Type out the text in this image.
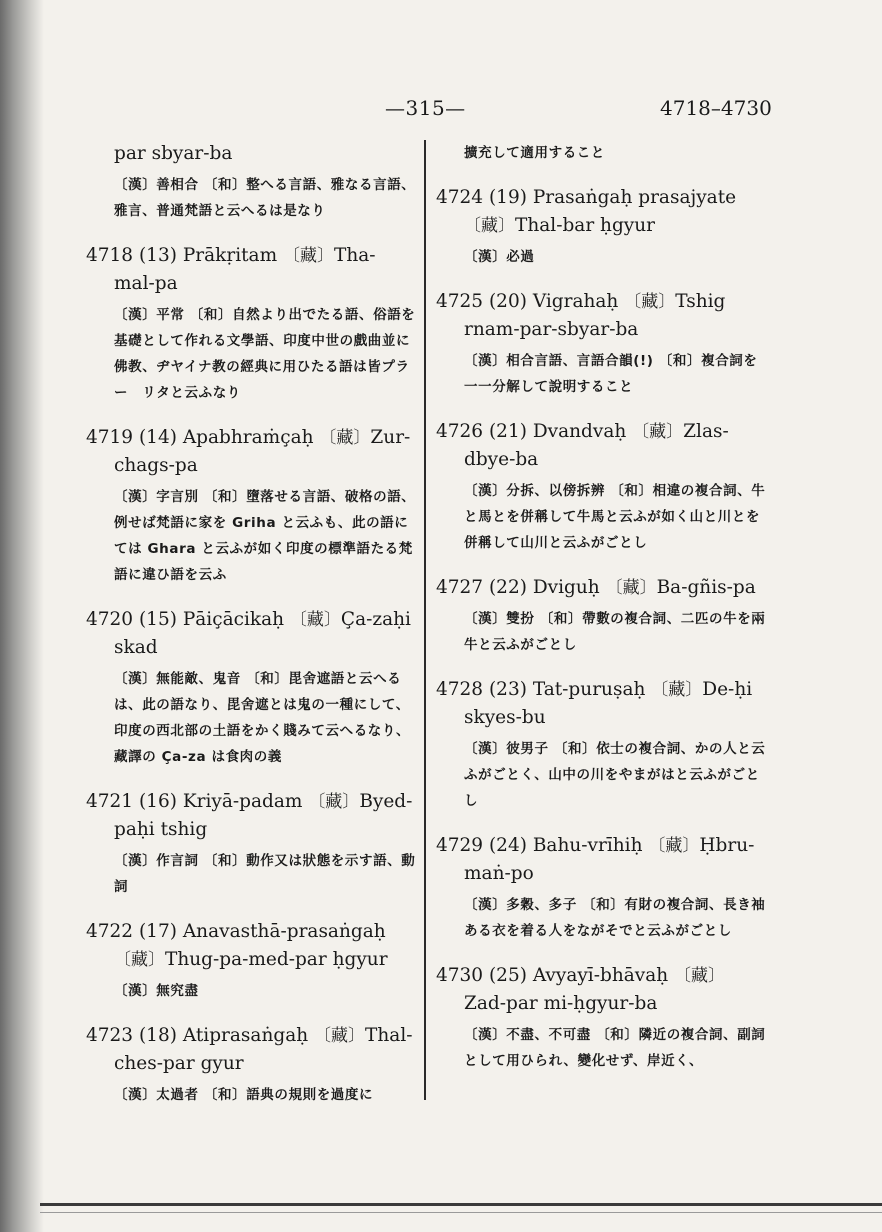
—315—	4718–4730
par sbyar-ba
〔漢〕善相合 〔和〕整へる言語、雅なる言語、雅言、普通梵語と云へるは是なり
4718 (13) Prākṛitam 〔藏〕Tha-mal-pa
〔漢〕平常 〔和〕自然より出でたる語、俗語を基礎として作れる文學語、印度中世の戲曲並に佛教、ヂヤイナ教の經典に用ひたる語は皆プラー　リタと云ふなり
4719 (14) Apabhraṁçaḥ 〔藏〕Zur-chags-pa
〔漢〕字言別 〔和〕墮落せる言語、破格の語、例せば梵語に家を Griha と云ふも、此の語にては Ghara と云ふが如く印度の標準語たる梵語に違ひ語を云ふ
4720 (15) Pāiçācikaḥ 〔藏〕Ça-zaḥi skad
〔漢〕無能敵、鬼音 〔和〕毘舍遮語と云へるは、此の語なり、毘舍遮とは鬼の一種にして、印度の西北部の土語をかく賤みて云へるなり、藏譯の Ça-za は食肉の義
4721 (16) Kriyā-padam 〔藏〕Byed-paḥi tshig
〔漢〕作言詞 〔和〕動作又は狀態を示す語、動詞
4722 (17) Anavasthā-prasaṅgaḥ 〔藏〕Thug-pa-med-par ḥgyur
〔漢〕無究盡
4723 (18) Atiprasaṅgaḥ 〔藏〕Thal-ches-par gyur
〔漢〕太過者 〔和〕語典の規則を過度に
擴充して適用すること
4724 (19) Prasaṅgaḥ prasajyate 〔藏〕Thal-bar ḥgyur
〔漢〕必過
4725 (20) Vigrahaḥ 〔藏〕Tshig rnam-par-sbyar-ba
〔漢〕相合言語、言語合韻(!) 〔和〕複合詞を一一分解して說明すること
4726 (21) Dvandvaḥ 〔藏〕Zlas-dbye-ba
〔漢〕分拆、以傍拆辨 〔和〕相違の複合詞、牛と馬とを併稱して牛馬と云ふが如く山と川とを併稱して山川と云ふがごとし
4727 (22) Dviguḥ 〔藏〕Ba-gñis-pa
〔漢〕雙扮 〔和〕帶數の複合詞、二匹の牛を兩牛と云ふがごとし
4728 (23) Tat-puruṣaḥ 〔藏〕De-ḥi skyes-bu
〔漢〕彼男子 〔和〕依士の複合詞、かの人と云ふがごとく、山中の川をやまがはと云ふがごとし
4729 (24) Bahu-vrīhiḥ 〔藏〕Ḥbru-maṅ-po
〔漢〕多穀、多子 〔和〕有財の複合詞、長き袖ある衣を着る人をながそでと云ふがごとし
4730 (25) Avyayī-bhāvaḥ 〔藏〕Zad-par mi-ḥgyur-ba
〔漢〕不盡、不可盡 〔和〕隣近の複合詞、副詞として用ひられ、變化せず、岸近く、
